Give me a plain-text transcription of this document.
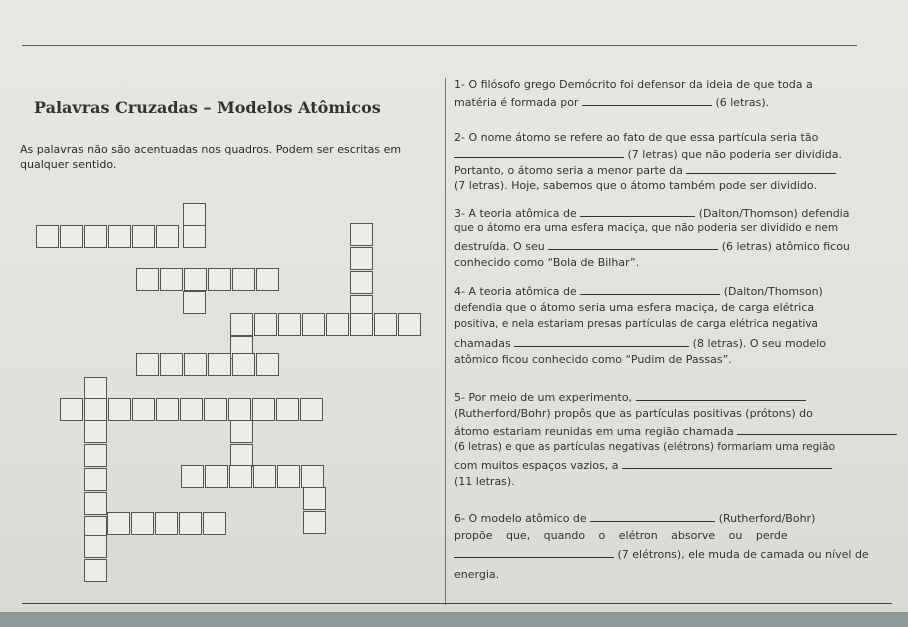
Palavras Cruzadas – Modelos Atômicos
As palavras não são acentuadas nos quadros. Podem ser escritas em
qualquer sentido.
1- O filósofo grego Demócrito foi defensor da ideia de que toda a
matéria é formada por	(6 letras).
2- O nome átomo se refere ao fato de que essa partícula seria tão
(7 letras) que não poderia ser dividida.
Portanto, o átomo seria a menor parte da
(7 letras). Hoje, sabemos que o átomo também pode ser dividido.
3- A teoria atômica de	(Dalton/Thomson) defendia
que o átomo era uma esfera maciça, que não poderia ser dividido e nem
destruída. O seu	(6 letras) atômico ficou
conhecido como “Bola de Bilhar”.
4- A teoria atômica de	(Dalton/Thomson)
defendia que o átomo seria uma esfera maciça, de carga elétrica
positiva, e nela estariam presas partículas de carga elétrica negativa
chamadas	(8 letras). O seu modelo
atômico ficou conhecido como “Pudim de Passas”.
5- Por meio de um experimento,
(Rutherford/Bohr) propôs que as partículas positivas (prótons) do
átomo estariam reunidas em uma região chamada
(6 letras) e que as partículas negativas (elétrons) formariam uma região
com muitos espaços vazios, a
(11 letras).
6- O modelo atômico de	(Rutherford/Bohr)
propõe que, quando o elétron absorve ou perde
(7 elétrons), ele muda de camada ou nível de
energia.
